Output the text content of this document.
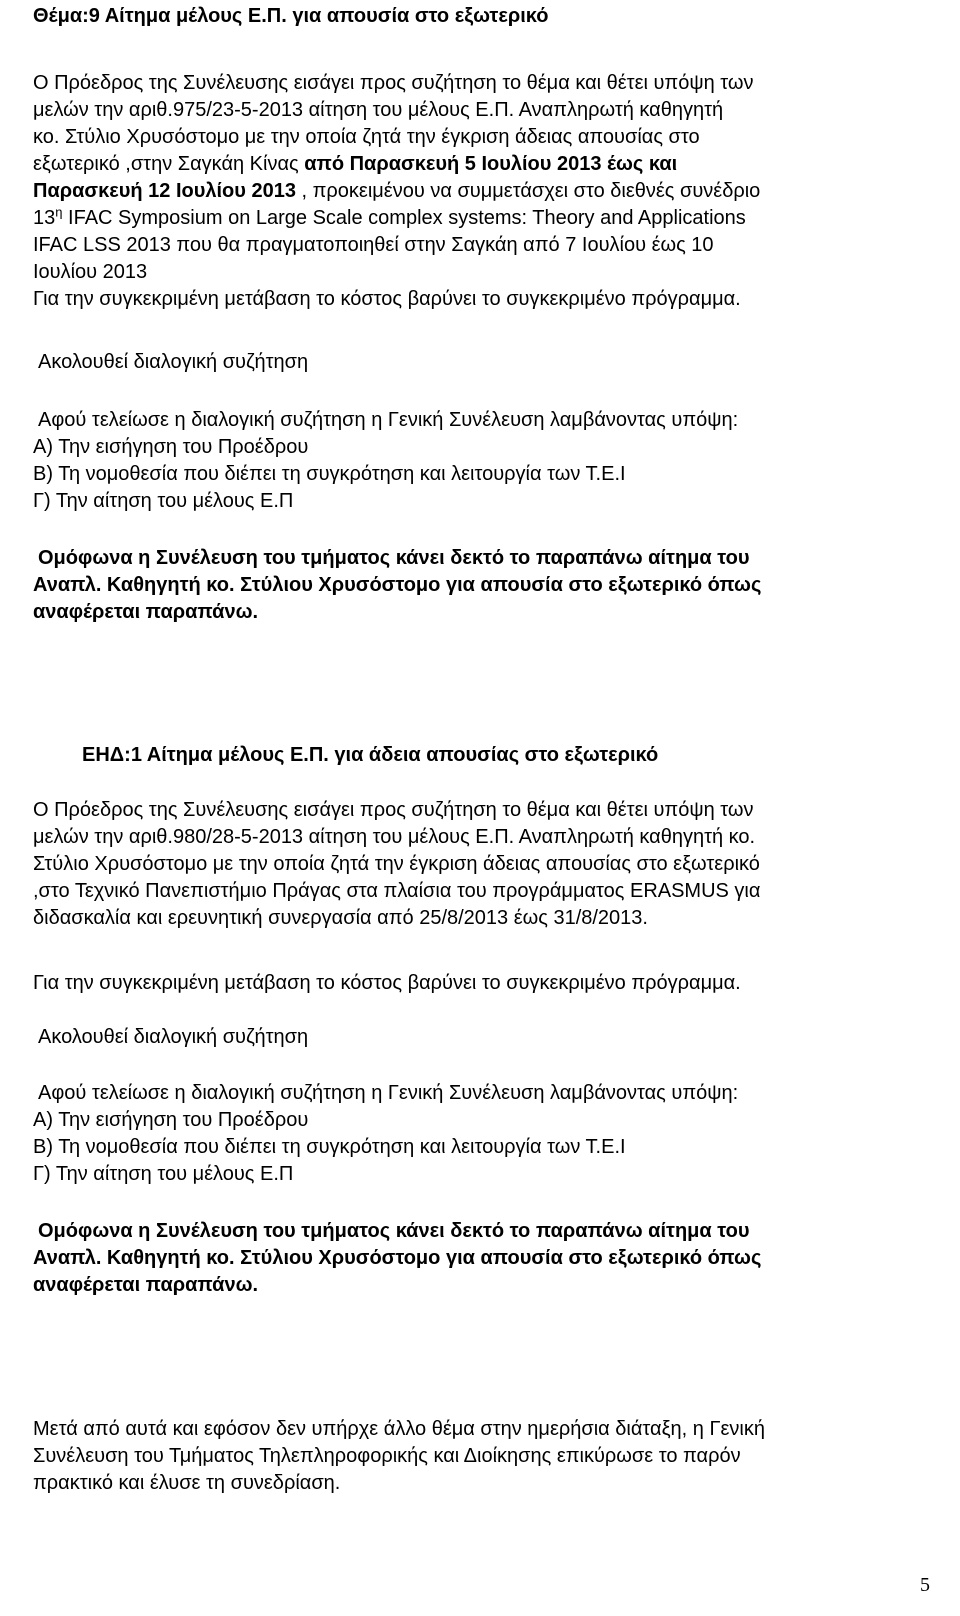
Θέμα:9 Αίτημα μέλους Ε.Π. για απουσία στο εξωτερικό
Ο Πρόεδρος της Συνέλευσης εισάγει προς συζήτηση το θέμα και θέτει υπόψη των
μελών την αριθ.975/23-5-2013 αίτηση του μέλους Ε.Π. Αναπληρωτή καθηγητή
κο. Στύλιο Χρυσόστομο με την οποία ζητά την έγκριση άδειας απουσίας στο
εξωτερικό ,στην Σαγκάη Κίνας από Παρασκευή 5 Ιουλίου 2013 έως και
Παρασκευή 12 Ιουλίου 2013 , προκειμένου να συμμετάσχει στο διεθνές συνέδριο
$13^\eta$ IFAC Symposium on Large Scale complex systems: Theory and Applications
IFAC LSS 2013 που θα πραγματοποιηθεί στην Σαγκάη από 7 Ιουλίου έως 10
Ιουλίου 2013
Για την συγκεκριμένη μετάβαση το κόστος βαρύνει το συγκεκριμένο πρόγραμμα.
Ακολουθεί διαλογική συζήτηση
Αφού τελείωσε η διαλογική συζήτηση η Γενική Συνέλευση λαμβάνοντας υπόψη:
Α) Την εισήγηση του Προέδρου
Β) Τη νομοθεσία που διέπει τη συγκρότηση και λειτουργία των Τ.Ε.Ι
Γ) Την αίτηση του μέλους Ε.Π
Ομόφωνα η Συνέλευση του τμήματος κάνει δεκτό το παραπάνω αίτημα του
Αναπλ. Καθηγητή κο. Στύλιου Χρυσόστομο για απουσία στο εξωτερικό όπως
αναφέρεται παραπάνω.
ΕΗΔ:1 Αίτημα μέλους Ε.Π. για άδεια απουσίας στο εξωτερικό
Ο Πρόεδρος της Συνέλευσης εισάγει προς συζήτηση το θέμα και θέτει υπόψη των
μελών την αριθ.980/28-5-2013 αίτηση του μέλους Ε.Π. Αναπληρωτή καθηγητή κο.
Στύλιο Χρυσόστομο με την οποία ζητά την έγκριση άδειας απουσίας στο εξωτερικό
,στο Τεχνικό Πανεπιστήμιο Πράγας στα πλαίσια του προγράμματος ERASMUS για
διδασκαλία και ερευνητική συνεργασία από 25/8/2013 έως 31/8/2013.
Για την συγκεκριμένη μετάβαση το κόστος βαρύνει το συγκεκριμένο πρόγραμμα.
Ακολουθεί διαλογική συζήτηση
Αφού τελείωσε η διαλογική συζήτηση η Γενική Συνέλευση λαμβάνοντας υπόψη:
Α) Την εισήγηση του Προέδρου
Β) Τη νομοθεσία που διέπει τη συγκρότηση και λειτουργία των Τ.Ε.Ι
Γ) Την αίτηση του μέλους Ε.Π
Ομόφωνα η Συνέλευση του τμήματος κάνει δεκτό το παραπάνω αίτημα του
Αναπλ. Καθηγητή κο. Στύλιου Χρυσόστομο για απουσία στο εξωτερικό όπως
αναφέρεται παραπάνω.
Μετά από αυτά και εφόσον δεν υπήρχε άλλο θέμα στην ημερήσια διάταξη, η Γενική
Συνέλευση του Τμήματος Τηλεπληροφορικής και Διοίκησης επικύρωσε το παρόν
πρακτικό και έλυσε τη συνεδρίαση.
5
